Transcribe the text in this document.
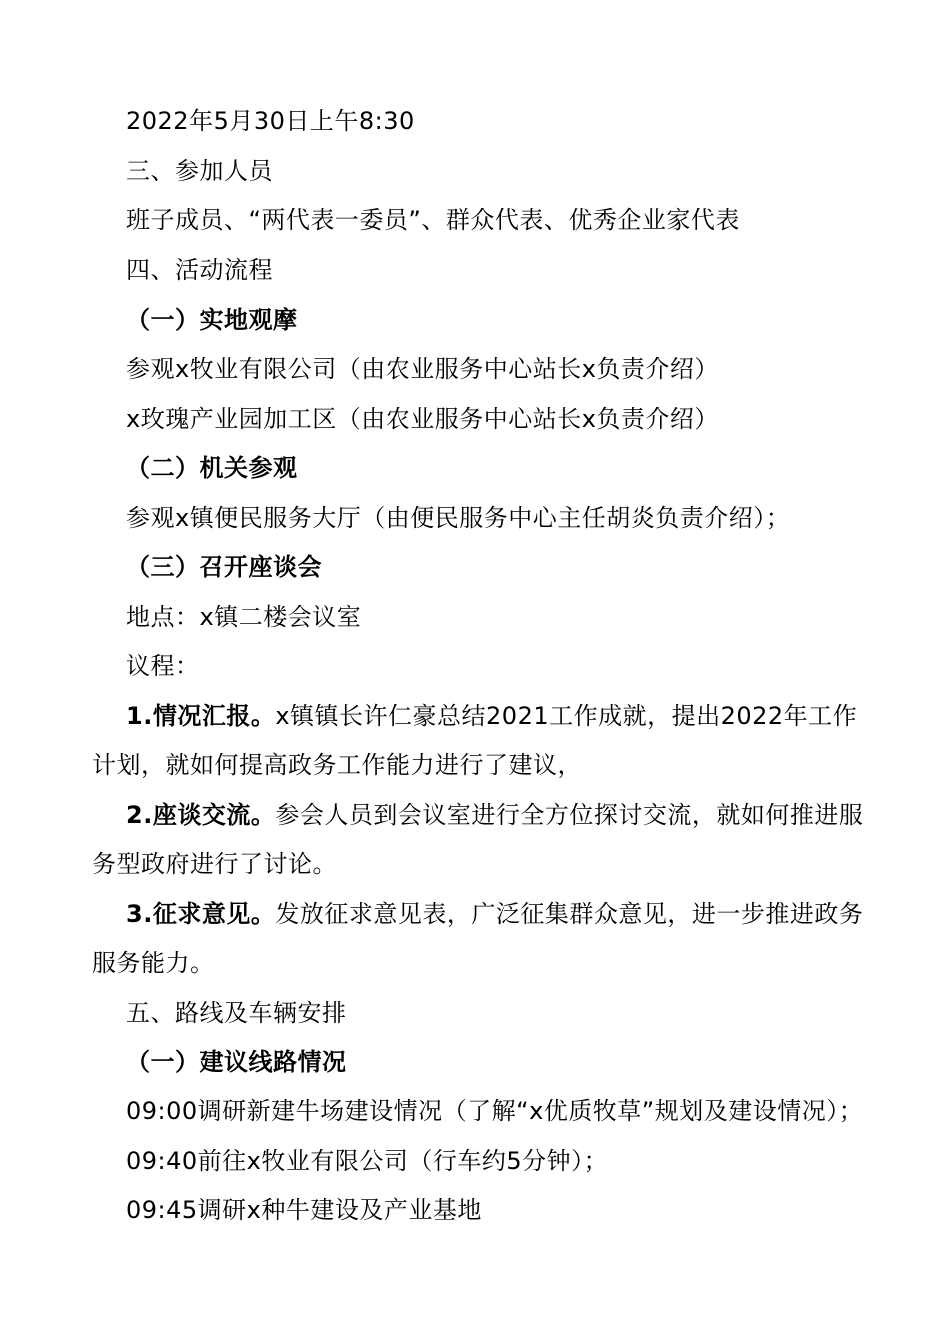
2022年5月30日上午8:30
三、参加人员
班子成员、“两代表一委员”、群众代表、优秀企业家代表
四、活动流程
（一）实地观摩
参观x牧业有限公司（由农业服务中心站长x负责介绍）
x玫瑰产业园加工区（由农业服务中心站长x负责介绍）
（二）机关参观
参观x镇便民服务大厅（由便民服务中心主任胡炎负责介绍）；
（三）召开座谈会
地点：x镇二楼会议室
议程：
1.情况汇报。x镇镇长许仁豪总结2021工作成就，提出2022年工作
计划，就如何提高政务工作能力进行了建议，
2.座谈交流。参会人员到会议室进行全方位探讨交流，就如何推进服
务型政府进行了讨论。
3.征求意见。发放征求意见表，广泛征集群众意见，进一步推进政务
服务能力。
五、路线及车辆安排
（一）建议线路情况
09:00调研新建牛场建设情况（了解“x优质牧草”规划及建设情况）；
09:40前往x牧业有限公司（行车约5分钟）；
09:45调研x种牛建设及产业基地
